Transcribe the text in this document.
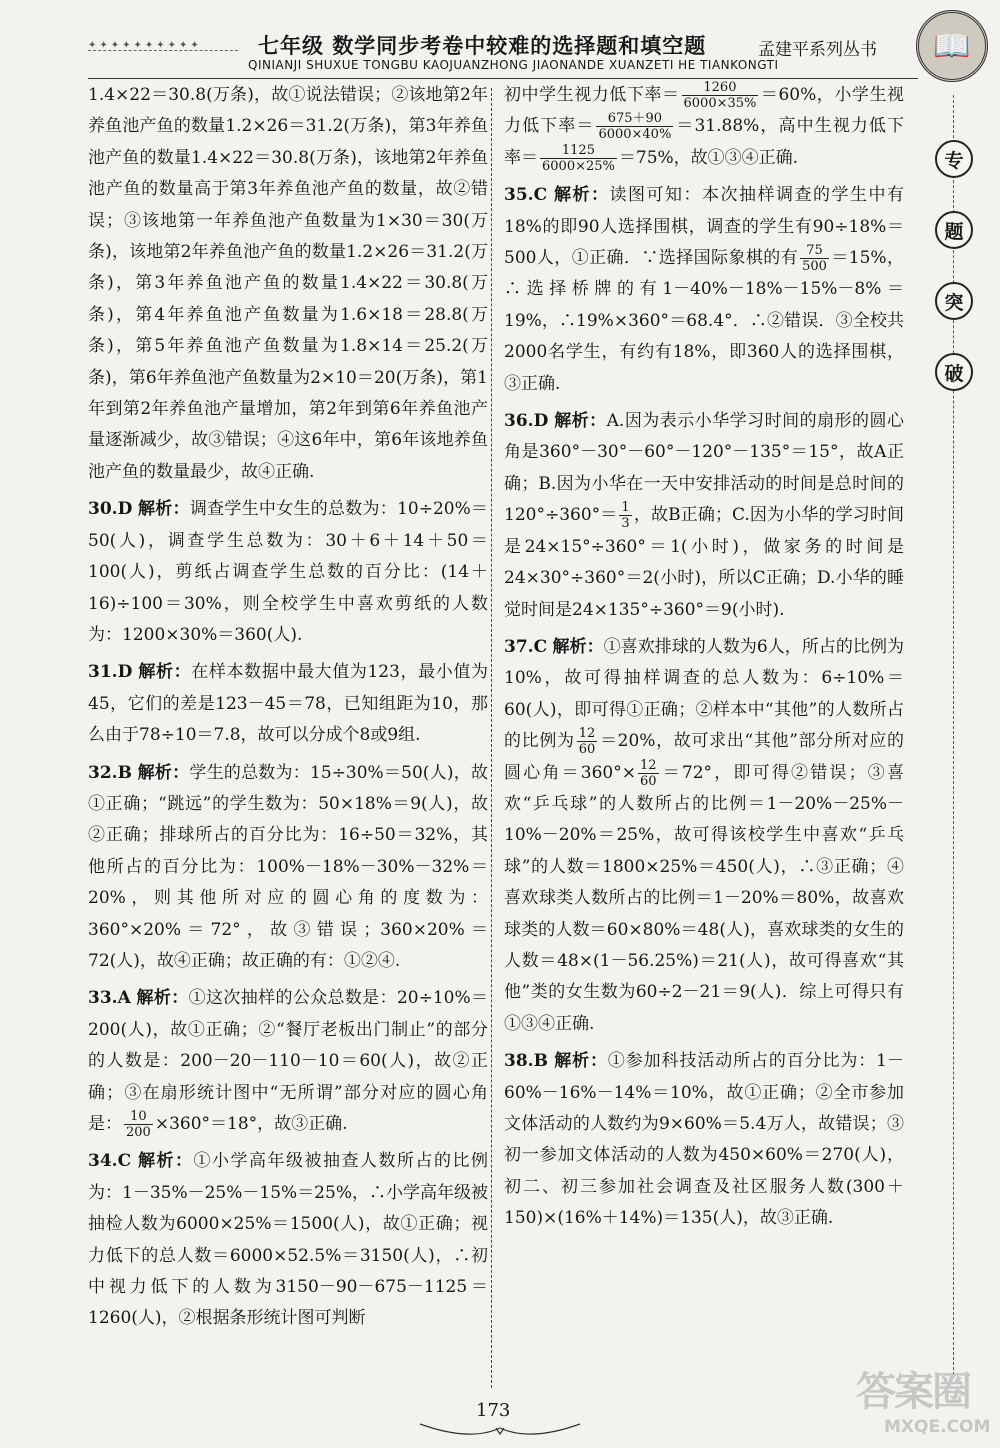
✦✦✦✦✦✦✦✦✦✦	七年级 数学同步考卷中较难的选择题和填空题	孟建平系列丛书
QINIANJI SHUXUE TONGBU KAOJUANZHONG JIAONANDE XUANZETI HE TIANKONGTI
📖
专
题
突
破

1.4×22＝30.8(万条)，故①说法错误；②该地第2年养鱼池产鱼的数量1.2×26＝31.2(万条)，第3年养鱼池产鱼的数量1.4×22＝30.8(万条)，该地第2年养鱼池产鱼的数量高于第3年养鱼池产鱼的数量，故②错误；③该地第一年养鱼池产鱼数量为1×30＝30(万条)，该地第2年养鱼池产鱼的数量1.2×26＝31.2(万条)，第3年养鱼池产鱼的数量1.4×22＝30.8(万条)，第4年养鱼池产鱼数量为1.6×18＝28.8(万条)，第5年养鱼池产鱼数量为1.8×14＝25.2(万条)，第6年养鱼池产鱼数量为2×10＝20(万条)，第1年到第2年养鱼池产量增加，第2年到第6年养鱼池产量逐渐减少，故③错误；④这6年中，第6年该地养鱼池产鱼的数量最少，故④正确.

30.D 解析：调查学生中女生的总数为：10÷20%＝50(人)，调查学生总数为：30＋6＋14＋50＝100(人)，剪纸占调查学生总数的百分比：(14＋16)÷100＝30%，则全校学生中喜欢剪纸的人数为：1200×30%＝360(人).

31.D 解析：在样本数据中最大值为123，最小值为45，它们的差是123－45＝78，已知组距为10，那么由于78÷10＝7.8，故可以分成个8或9组.

32.B 解析：学生的总数为：15÷30%＝50(人)，故①正确；“跳远”的学生数为：50×18%＝9(人)，故②正确；排球所占的百分比为：16÷50＝32%，其他所占的百分比为：100%－18%－30%－32%＝20%，则其他所对应的圆心角的度数为：360°×20%＝72°，故③错误；360×20%＝72(人)，故④正确；故正确的有：①②④.

33.A 解析：①这次抽样的公众总数是：20÷10%＝200(人)，故①正确；②“餐厅老板出门制止”的部分的人数是：200－20－110－10＝60(人)，故②正确；③在扇形统计图中“无所谓”部分对应的圆心角是： $\frac{10}{200} \times 360^\circ=18^\circ$，故③正确.

34.C 解析：①小学高年级被抽查人数所占的比例为：1－35%－25%－15%＝25%，∴小学高年级被抽检人数为6000×25%＝1500(人)，故①正确；视力低下的总人数＝6000×52.5%＝3150(人)，∴初中视力低下的人数为3150－90－675－1125＝1260(人)，②根据条形统计图可判断

初中学生视力低下率＝ $\frac{1260}{6000\times 35\%} =60\%$，小学生视力低下率＝ $\frac{675+90}{6000\times 40\%} =31.88\%$，高中生视力低下率＝ $\frac{1125}{6000\times 25\%} =75\%$，故①③④正确.

35.C 解析：读图可知：本次抽样调查的学生中有18%的即90人选择围棋，调查的学生有90÷18%＝500人，①正确．∵选择国际象棋的有 $\frac{75}{500} =15\%$，∴选择桥牌的有1－40%－18%－15%－8%＝19%，∴19%×360°＝68.4°．∴②错误．③全校共2000名学生，有约有18%，即360人的选择围棋，③正确.

36.D 解析：A.因为表示小华学习时间的扇形的圆心角是360°－30°－60°－120°－135°＝15°，故A正确；B.因为小华在一天中安排活动的时间是总时间的$120^\circ\div 360^\circ= \frac{1}{3}$ ，故B正确；C.因为小华的学习时间是24×15°÷360°＝1(小时)，做家务的时间是24×30°÷360°＝2(小时)，所以C正确；D.小华的睡觉时间是24×135°÷360°＝9(小时).

37.C 解析：①喜欢排球的人数为6人，所占的比例为10%，故可得抽样调查的总人数为：6÷10%＝60(人)，即可得①正确；②样本中“其他”的人数所占的比例为 $\frac{12}{60} =20\%$，故可求出“其他”部分所对应的圆心角$=360^\circ\times \frac{12}{60} =72^\circ$，即可得②错误；③喜欢“乒乓球”的人数所占的比例＝1－20%－25%－10%－20%＝25%，故可得该校学生中喜欢“乒乓球”的人数＝1800×25%＝450(人)，∴③正确；④喜欢球类人数所占的比例＝1－20%＝80%，故喜欢球类的人数＝60×80%＝48(人)，喜欢球类的女生的人数＝48×(1－56.25%)＝21(人)，故可得喜欢“其他”类的女生数为60÷2－21＝9(人)．综上可得只有①③④正确.

38.B 解析：①参加科技活动所占的百分比为：1－60%－16%－14%＝10%，故①正确；②全市参加文体活动的人数约为9×60%＝5.4万人，故错误；③初一参加文体活动的人数为450×60%＝270(人)，初二、初三参加社会调查及社区服务人数(300＋150)×(16%＋14%)＝135(人)，故③正确.

173	答案圈
MXQE.COM
